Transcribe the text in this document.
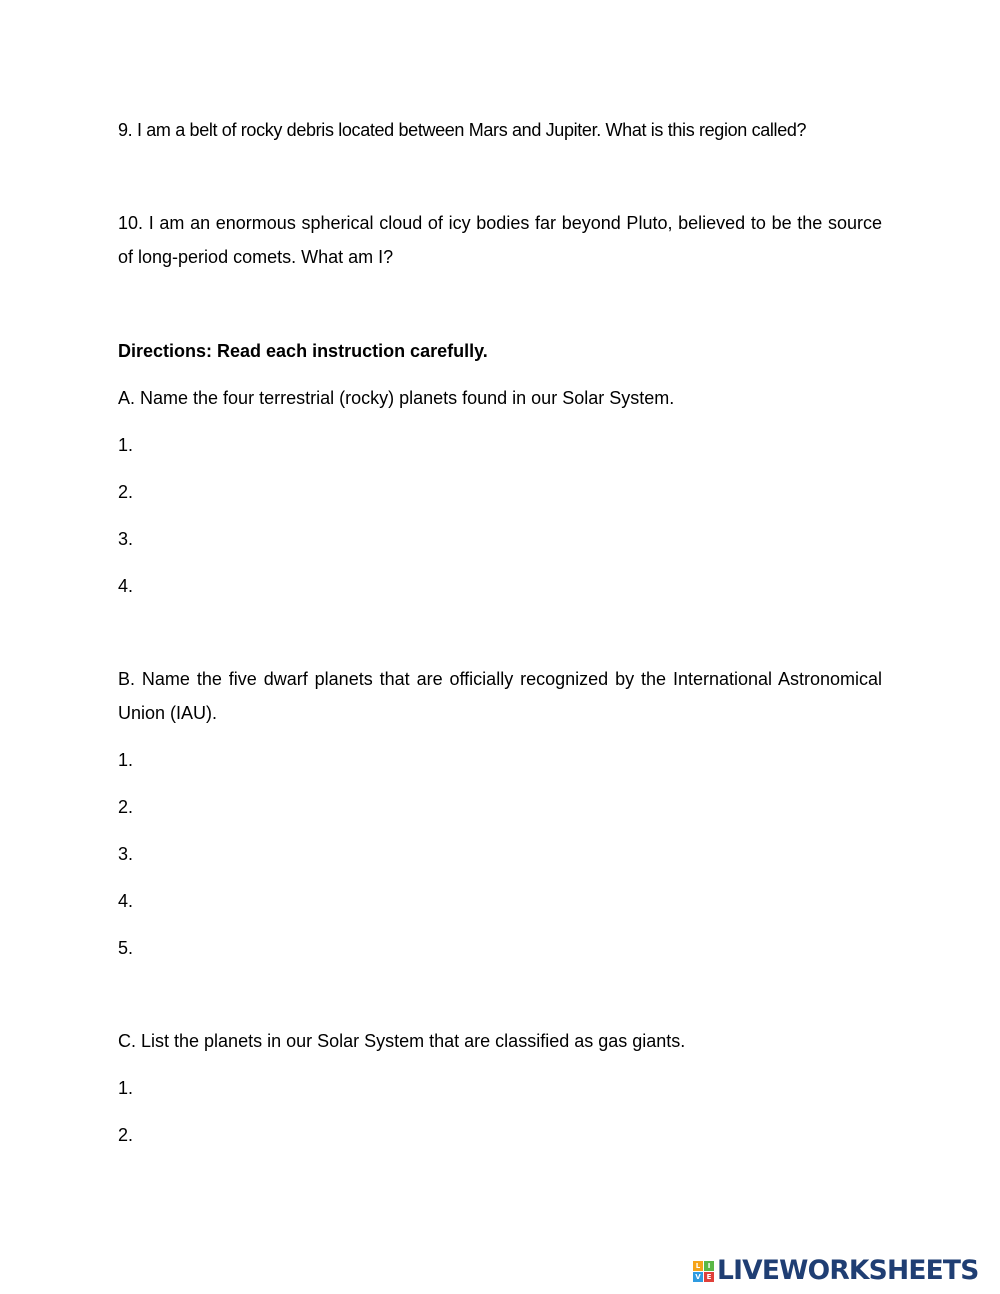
9. I am a belt of rocky debris located between Mars and Jupiter. What is this region called?
10. I am an enormous spherical cloud of icy bodies far beyond Pluto, believed to be the source of long-period comets. What am I?
Directions: Read each instruction carefully.
A. Name the four terrestrial (rocky) planets found in our Solar System.
1.
2.
3.
4.
B. Name the five dwarf planets that are officially recognized by the International Astronomical Union (IAU).
1.
2.
3.
4.
5.
C. List the planets in our Solar System that are classified as gas giants.
1.
2.
L	I
V E LIVEWORKSHEETS
